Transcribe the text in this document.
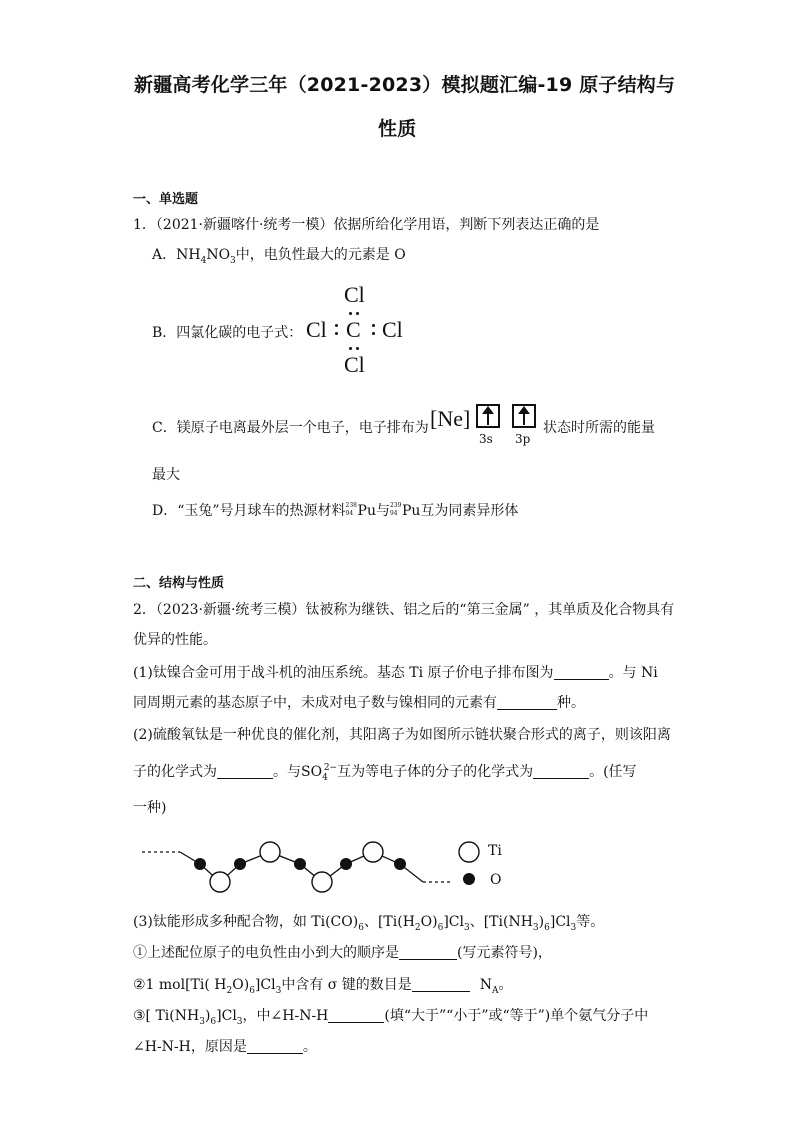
新疆高考化学三年（2021-2023）模拟题汇编-19 原子结构与
性质
一、单选题
1．（2021·新疆喀什·统考一模）依据所给化学用语，判断下列表达正确的是
A．$NH_4NO_3$中，电负性最大的元素是 O
B．四氯化碳的电子式：
Cl
Cl C Cl
Cl
C．镁原子电离最外层一个电子，电子排布为 [Ne]
3s 3p
状态时所需的能量
最大
D．“玉兔”号月球车的热源材料 238
94 Pu与 239
94 Pu互为同素异形体
二、结构与性质
2．（2023·新疆·统考三模）钛被称为继铁、铝之后的“第三金属” ，其单质及化合物具有
优异的性能。
(1)钛镍合金可用于战斗机的油压系统。基态 Ti 原子价电子排布图为	。与 Ni
同周期元素的基态原子中，未成对电子数与镍相同的元素有	种。
(2)硫酸氧钛是一种优良的催化剂，其阳离子为如图所示链状聚合形式的离子，则该阳离
子的化学式为	。与$SO_4^{2-}$互为等电子体的分子的化学式为	。(任写
一种)
Ti
O
(3)钛能形成多种配合物，如 $Ti(CO)_6$、$[Ti(H_2O)_6]Cl_3$、$[Ti(NH_3)_6]Cl_3$等。
①上述配位原子的电负性由小到大的顺序是	(写元素符号)，
②1 mol[Ti( $H_2O)_6]Cl_3$中含有 σ 键的数目是	$N_A$。
③[ $Ti(NH_3)_6]Cl_3$，中∠H-N-H	(填“大于”“小于”或“等于”)单个氨气分子中
∠H-N-H，原因是	。
